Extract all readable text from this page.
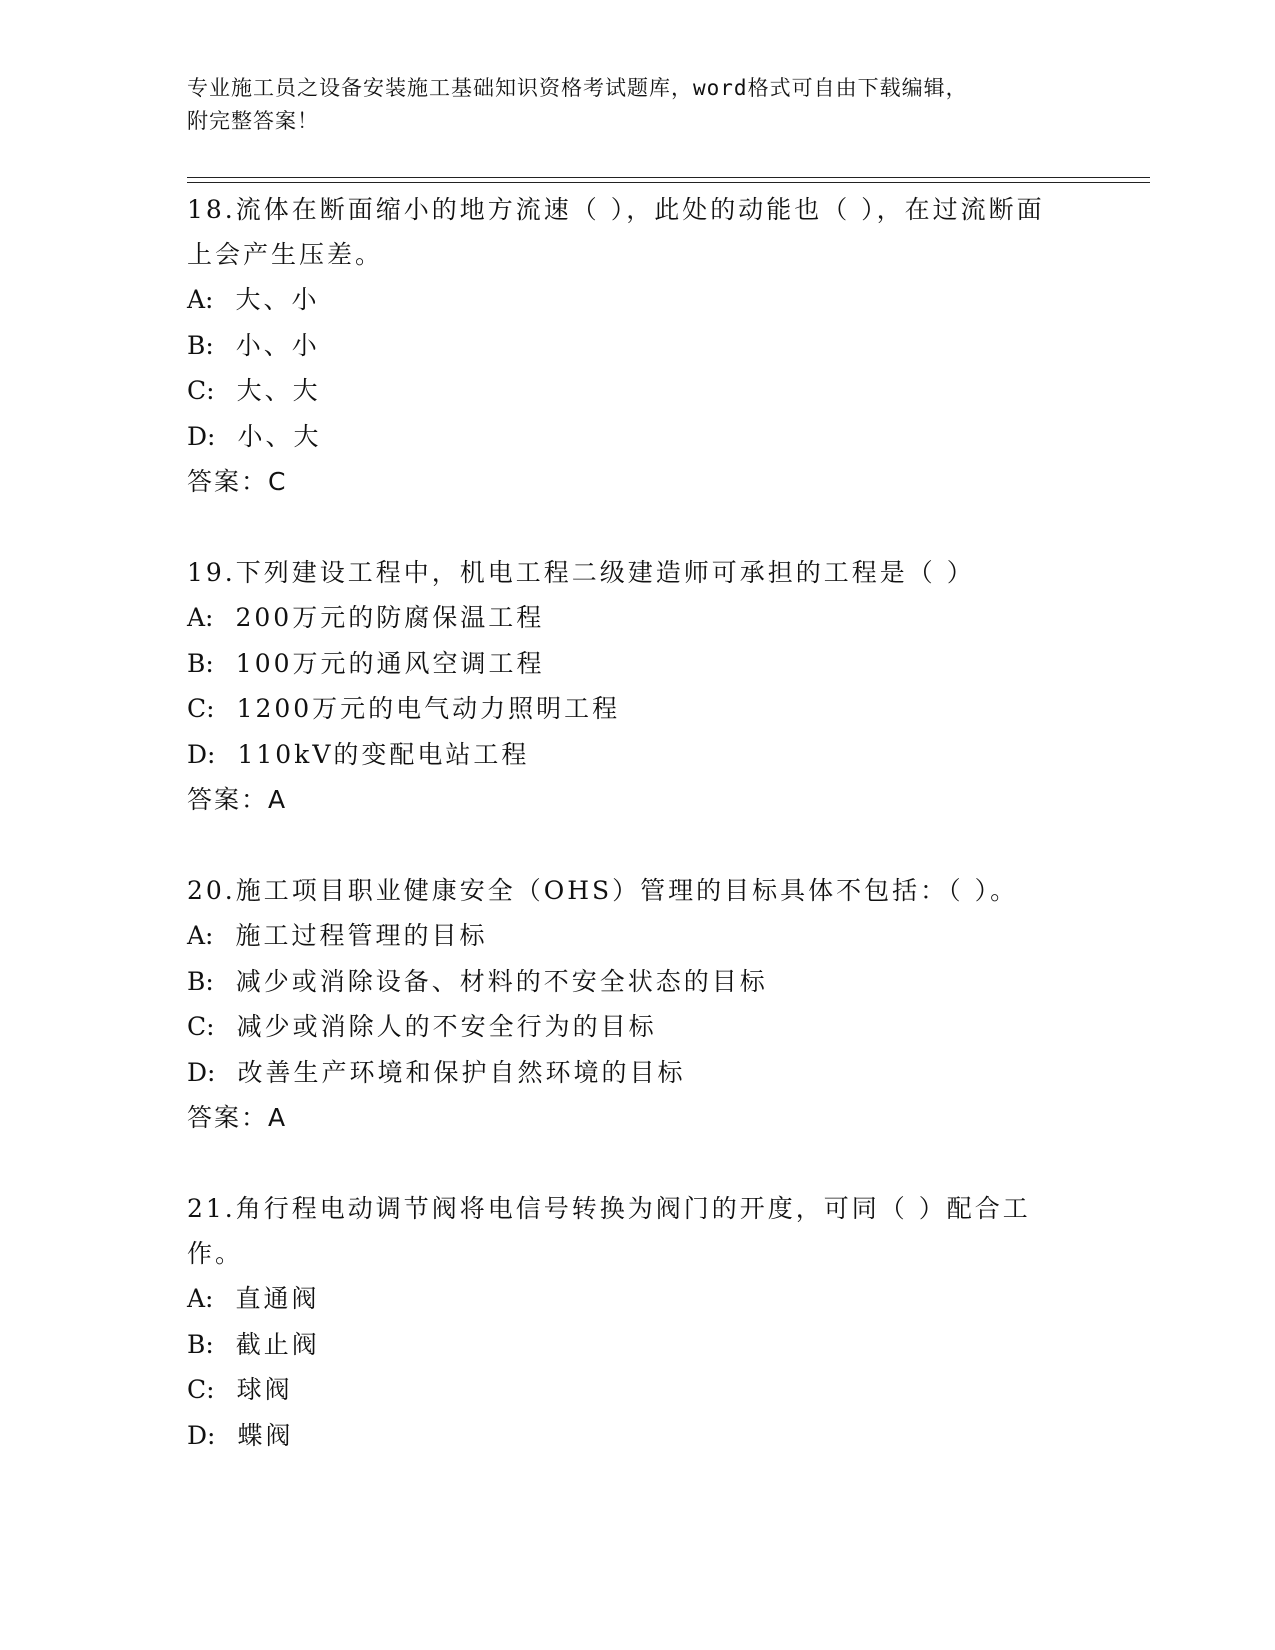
专业施工员之设备安装施工基础知识资格考试题库，word格式可自由下载编辑，
附完整答案！
18.流体在断面缩小的地方流速（ ），此处的动能也（ ），在过流断面上会产生压差。
A: 大、小
B: 小、小
C: 大、大
D: 小、大
答案：C
19.下列建设工程中，机电工程二级建造师可承担的工程是（ ）
A: 200万元的防腐保温工程
B: 100万元的通风空调工程
C: 1200万元的电气动力照明工程
D: 110kV的变配电站工程
答案：A
20.施工项目职业健康安全（OHS）管理的目标具体不包括：（ ）。
A: 施工过程管理的目标
B: 减少或消除设备、材料的不安全状态的目标
C: 减少或消除人的不安全行为的目标
D: 改善生产环境和保护自然环境的目标
答案：A
21.角行程电动调节阀将电信号转换为阀门的开度，可同（ ）配合工作。
A: 直通阀
B: 截止阀
C: 球阀
D: 蝶阀
